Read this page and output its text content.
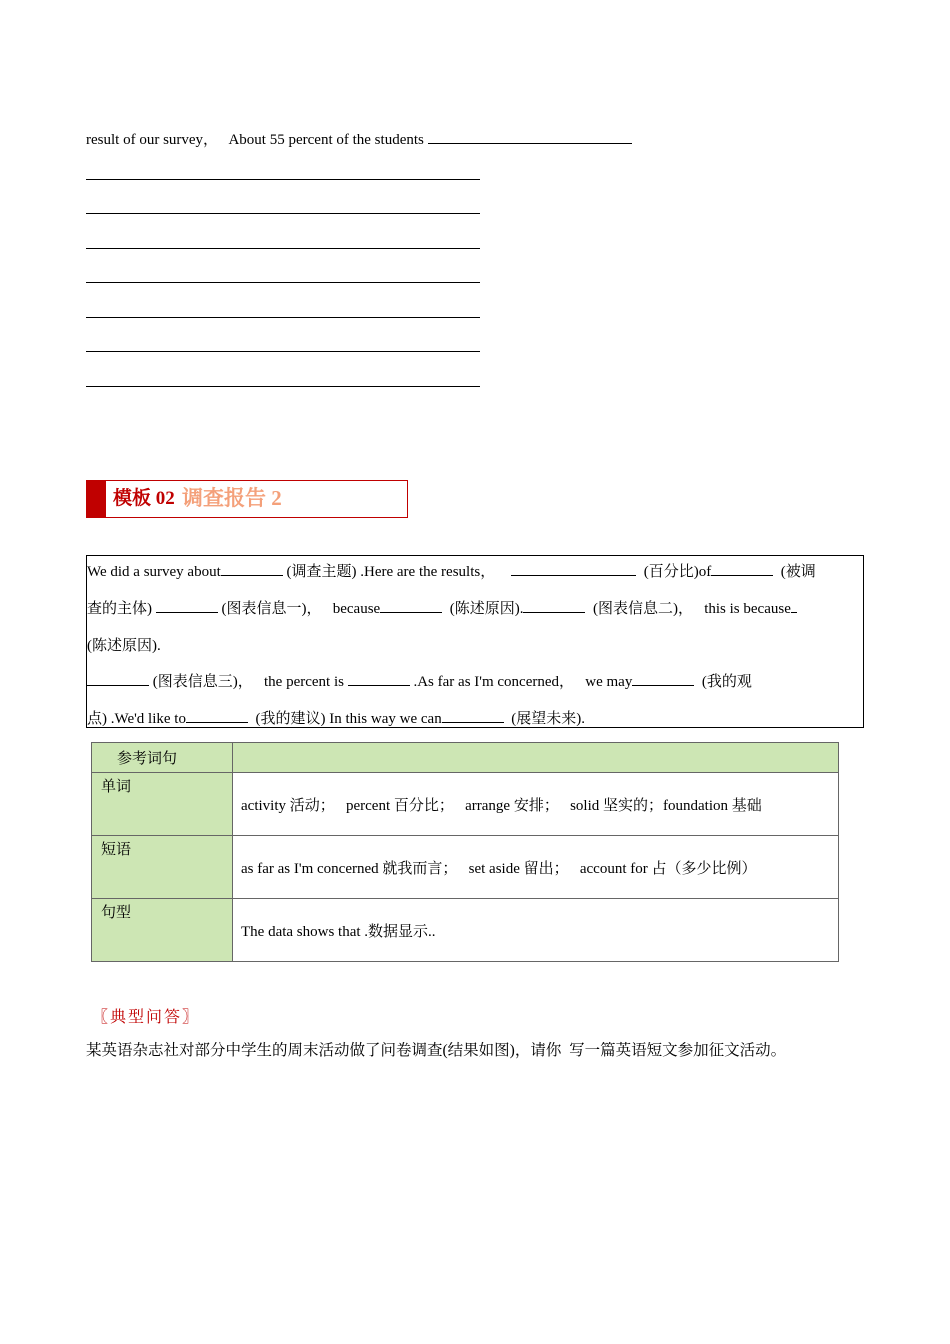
result of our survey，   About 55 percent of the students
模板 02 调查报告 2
We did a survey about	(调查主题) .Here are the results，	(百分比)of	(被调
查的主体)	(图表信息一)，   because	(陈述原因).	(图表信息二)，   this is because
(陈述原因).
(图表信息三)，   the percent is	.As far as I'm concerned，   we may	(我的观
点) .We'd like to	(我的建议) In this way we can	(展望未来).
参考词句	
单词	activity 活动；   percent 百分比；   arrange 安排；   solid 坚实的；foundation 基础
短语	as far as I'm concerned 就我而言；   set aside 留出；   account for 占（多少比例）
句型	The data shows that .数据显示..
〖典型问答〗
某英语杂志社对部分中学生的周末活动做了问卷调查(结果如图)，请你  写一篇英语短文参加征文活动。
